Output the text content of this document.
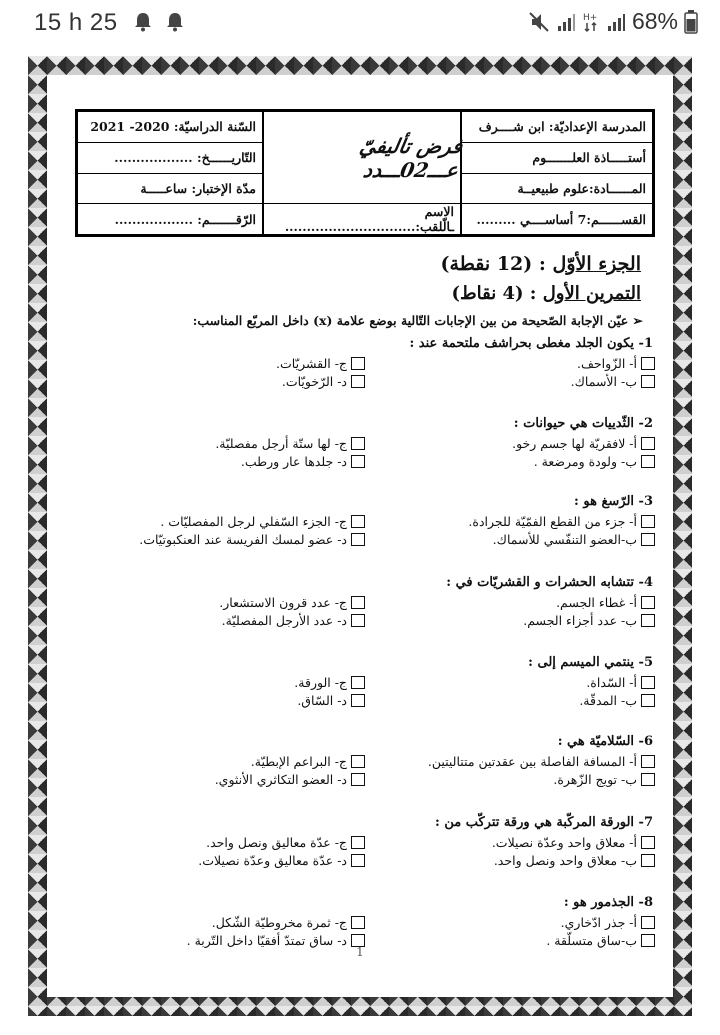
15 h 25	H+ 68%
السّنة الدراسيّة: 2020- 2021
التّاريــــــخ: ..................
مدّة الإختبار: ساعـــــة
الرّقـــــــم: ..................
فرض تأليفيّ عـــ02ـــدد
الاسم ـالّلقب:..............................
المدرسة الإعداديّة: ابن شــــرف
أستـــــاذة العلـــــــوم
المــــــادة:علوم طبيعيــة
القســــــم:7 أساســــي .........
الجزء الأوّل : (12 نقطة)
التمرين الأول : (4 نقاط)
➢ عيّن الإجابة الصّحيحة من بين الإجابات التّالية بوضع علامة (x) داخل المربّع المناسب:
1- يكون الجلد مغطى بحراشف ملتحمة عند :
أ- الزّواحف.
ج- القشريّات.
ب- الأسماك.
د- الرّخويّات.
2- الثّدييات هي حيوانات :
أ- لافقريّة لها جسم رخو.
ج- لها ستّة أرجل مفصليّة.
ب- ولودة ومرضعة .
د- جلدها عار ورطب.
3- الرّسغ هو :
أ- جزء من القطع الفمّيّة للجرادة.
ج- الجزء السّفلي لرجل المفصليّات .
ب-العضو التنفّسي للأسماك.
د- عضو لمسك الفريسة عند العنكبوتيّات.
4- تتشابه الحشرات و القشريّات في :
أ- غطاء الجسم.
ج- عدد قرون الاستشعار.
ب- عدد أجزاء الجسم.
د- عدد الأرجل المفصليّة.
5- ينتمي الميسم إلى :
أ- السّداة.
ج- الورقة.
ب- المدقّة.
د- السّاق.
6- السّلاميّة هي :
أ- المسافة الفاصلة بين عقدتين متتاليتين.
ج- البراعم الإبطيّة.
ب- تويج الزّهرة.
د- العضو التكاثري الأنثوي.
7- الورقة المركّبة هي ورقة تتركّب من :
أ- معلاق واحد وعدّة نصيلات.
ج- عدّة معاليق ونصل واحد.
ب- معلاق واحد ونصل واحد.
د- عدّة معاليق وعدّة نصيلات.
8- الجذمور هو :
أ- جذر ادّخاري.
ج- ثمرة مخروطيّة الشّكل.
ب-ساق متسلّقة .
د- ساق تمتدّ أفقيّا داخل التّربة .
1
